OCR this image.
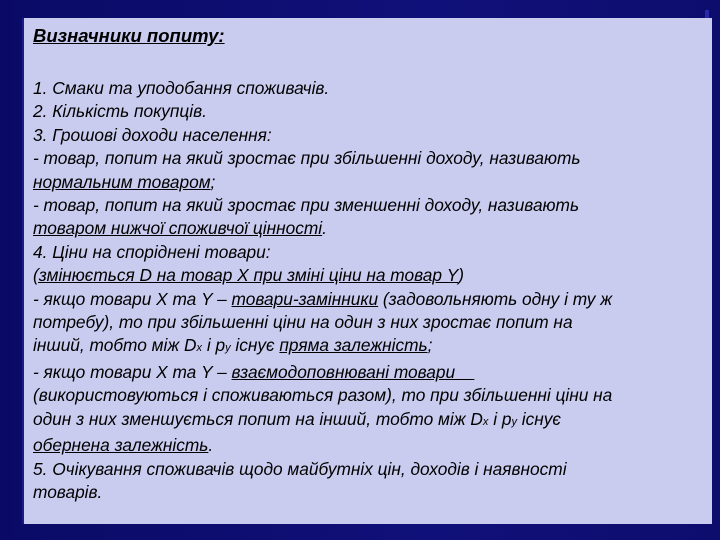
Визначники попиту:
1. Смаки та уподобання споживачів.
2. Кількість покупців.
3. Грошові доходи населення:
- товар, попит на який зростає при збільшенні доходу, називають
нормальним товаром;
- товар, попит на який зростає при зменшенні доходу, називають
товаром нижчої споживчої цінності.
4. Ціни на споріднені товари:
(змінюється D на товар X при зміні ціни на товар Y)
- якщо товари X та Y – товари-замінники (задовольняють одну і ту ж
потребу), то при збільшенні ціни на один з них зростає попит на
інший, тобто між Dx і py існує пряма залежність;
- якщо товари X та Y – взаємодоповнювані товари
(використовуються і споживаються разом), то при збільшенні ціни на
один з них зменшується попит на інший, тобто між Dx і py існує
обернена залежність.
5. Очікування споживачів щодо майбутніх цін, доходів і наявності
товарів.
